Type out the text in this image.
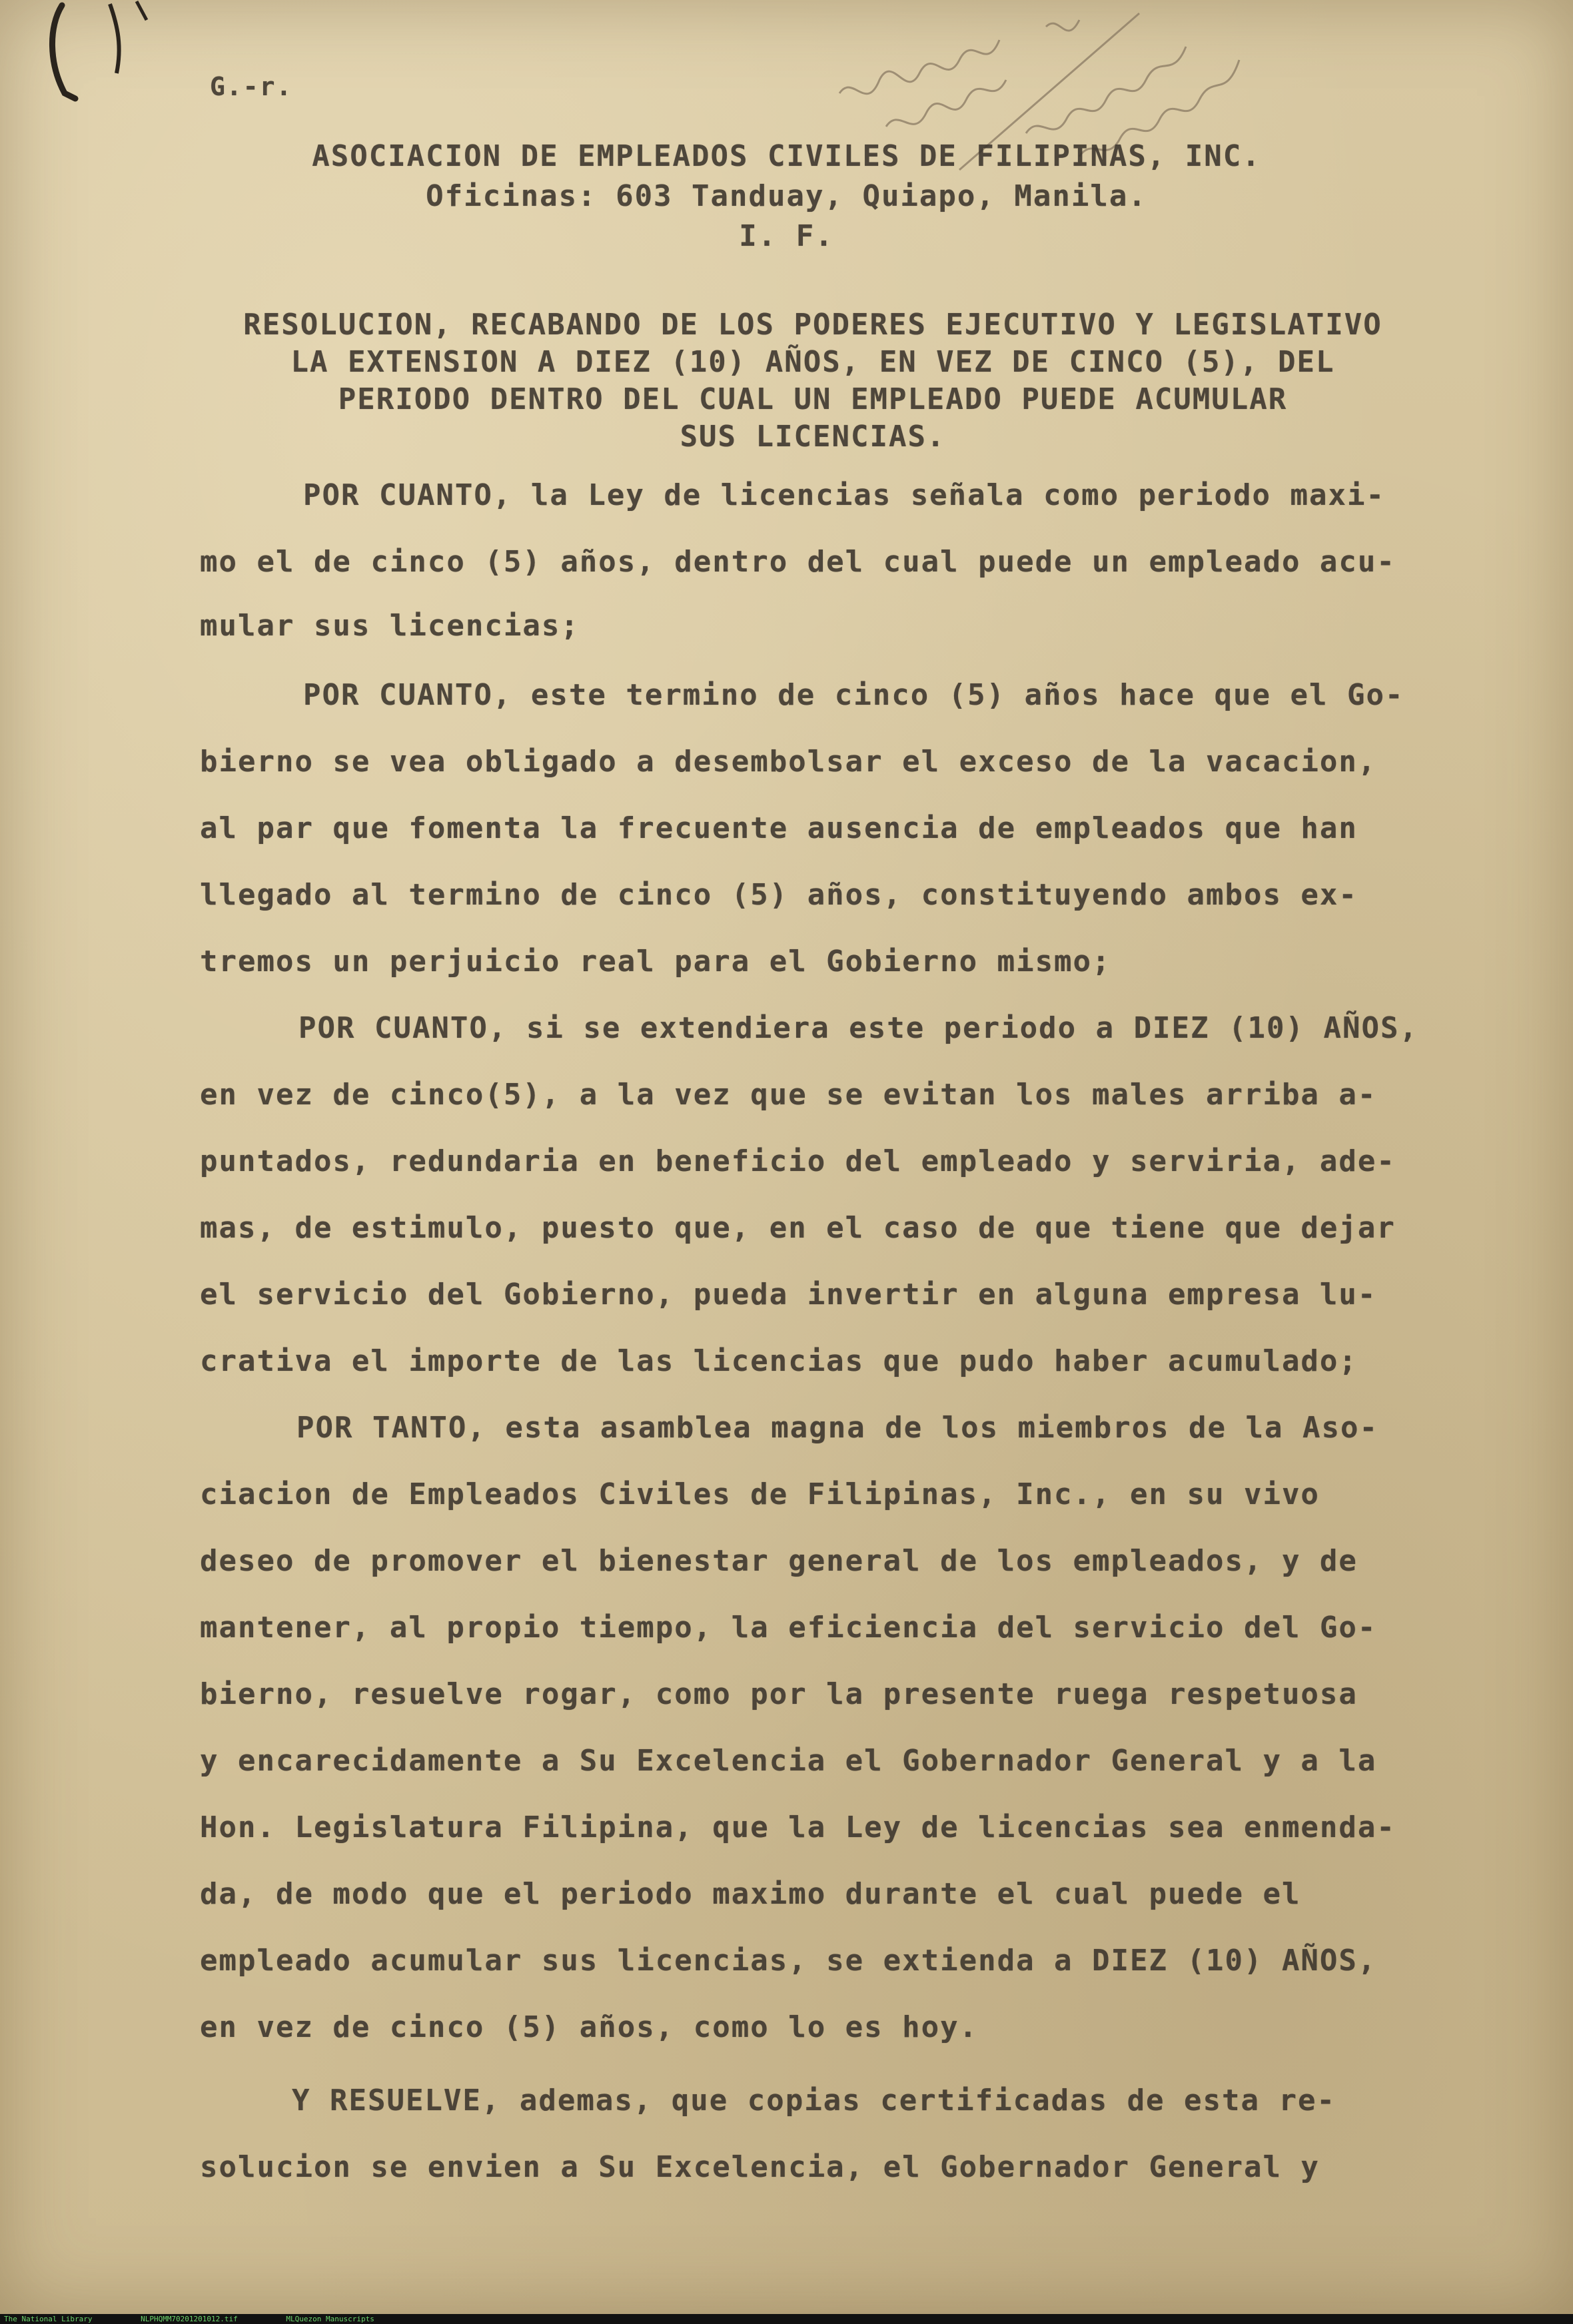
G.-r.
ASOCIACION DE EMPLEADOS CIVILES DE FILIPINAS, INC.
Oficinas: 603 Tanduay, Quiapo, Manila.
I. F.
RESOLUCION, RECABANDO DE LOS PODERES EJECUTIVO Y LEGISLATIVO
LA EXTENSION A DIEZ (10) AÑOS, EN VEZ DE CINCO (5), DEL
PERIODO DENTRO DEL CUAL UN EMPLEADO PUEDE ACUMULAR
SUS LICENCIAS.
POR CUANTO, la Ley de licencias señala como periodo maxi-
mo el de cinco (5) años, dentro del cual puede un empleado acu-
mular sus licencias;
POR CUANTO, este termino de cinco (5) años hace que el Go-
bierno se vea obligado a desembolsar el exceso de la vacacion,
al par que fomenta la frecuente ausencia de empleados que han
llegado al termino de cinco (5) años, constituyendo ambos ex-
tremos un perjuicio real para el Gobierno mismo;
POR CUANTO, si se extendiera este periodo a DIEZ (10) AÑOS,
en vez de cinco(5), a la vez que se evitan los males arriba a-
puntados, redundaria en beneficio del empleado y serviria, ade-
mas, de estimulo, puesto que, en el caso de que tiene que dejar
el servicio del Gobierno, pueda invertir en alguna empresa lu-
crativa el importe de las licencias que pudo haber acumulado;
POR TANTO, esta asamblea magna de los miembros de la Aso-
ciacion de Empleados Civiles de Filipinas, Inc., en su vivo
deseo de promover el bienestar general de los empleados, y de
mantener, al propio tiempo, la eficiencia del servicio del Go-
bierno, resuelve rogar, como por la presente ruega respetuosa
y encarecidamente a Su Excelencia el Gobernador General y a la
Hon. Legislatura Filipina, que la Ley de licencias sea enmenda-
da, de modo que el periodo maximo durante el cual puede el
empleado acumular sus licencias, se extienda a DIEZ (10) AÑOS,
en vez de cinco (5) años, como lo es hoy.
Y RESUELVE, ademas, que copias certificadas de esta re-
solucion se envien a Su Excelencia, el Gobernador General y
The National Library	NLPHQMM70201201012.tif	MLQuezon Manuscripts
